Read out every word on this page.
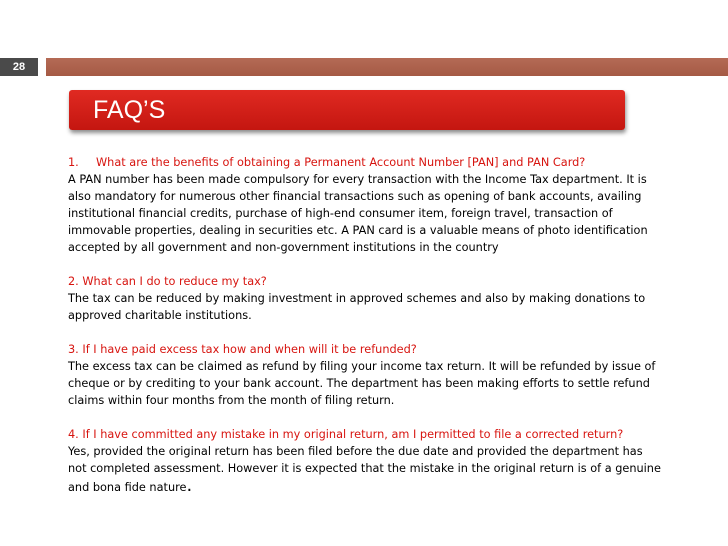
28
FAQ’S

1. What are the benefits of obtaining a Permanent Account Number [PAN] and PAN Card?

A PAN number has been made compulsory for every transaction with the Income Tax department. It is
also mandatory for numerous other financial transactions such as opening of bank accounts, availing
institutional financial credits, purchase of high-end consumer item, foreign travel, transaction of
immovable properties, dealing in securities etc. A PAN card is a valuable means of photo identification
accepted by all government and non-government institutions in the country

2. What can I do to reduce my tax?

The tax can be reduced by making investment in approved schemes and also by making donations to
approved charitable institutions.

3. If I have paid excess tax how and when will it be refunded?

The excess tax can be claimed as refund by filing your income tax return. It will be refunded by issue of
cheque or by crediting to your bank account. The department has been making efforts to settle refund
claims within four months from the month of filing return.

4. If I have committed any mistake in my original return, am I permitted to file a corrected return?

Yes, provided the original return has been filed before the due date and provided the department has
not completed assessment. However it is expected that the mistake in the original return is of a genuine
and bona fide nature.
